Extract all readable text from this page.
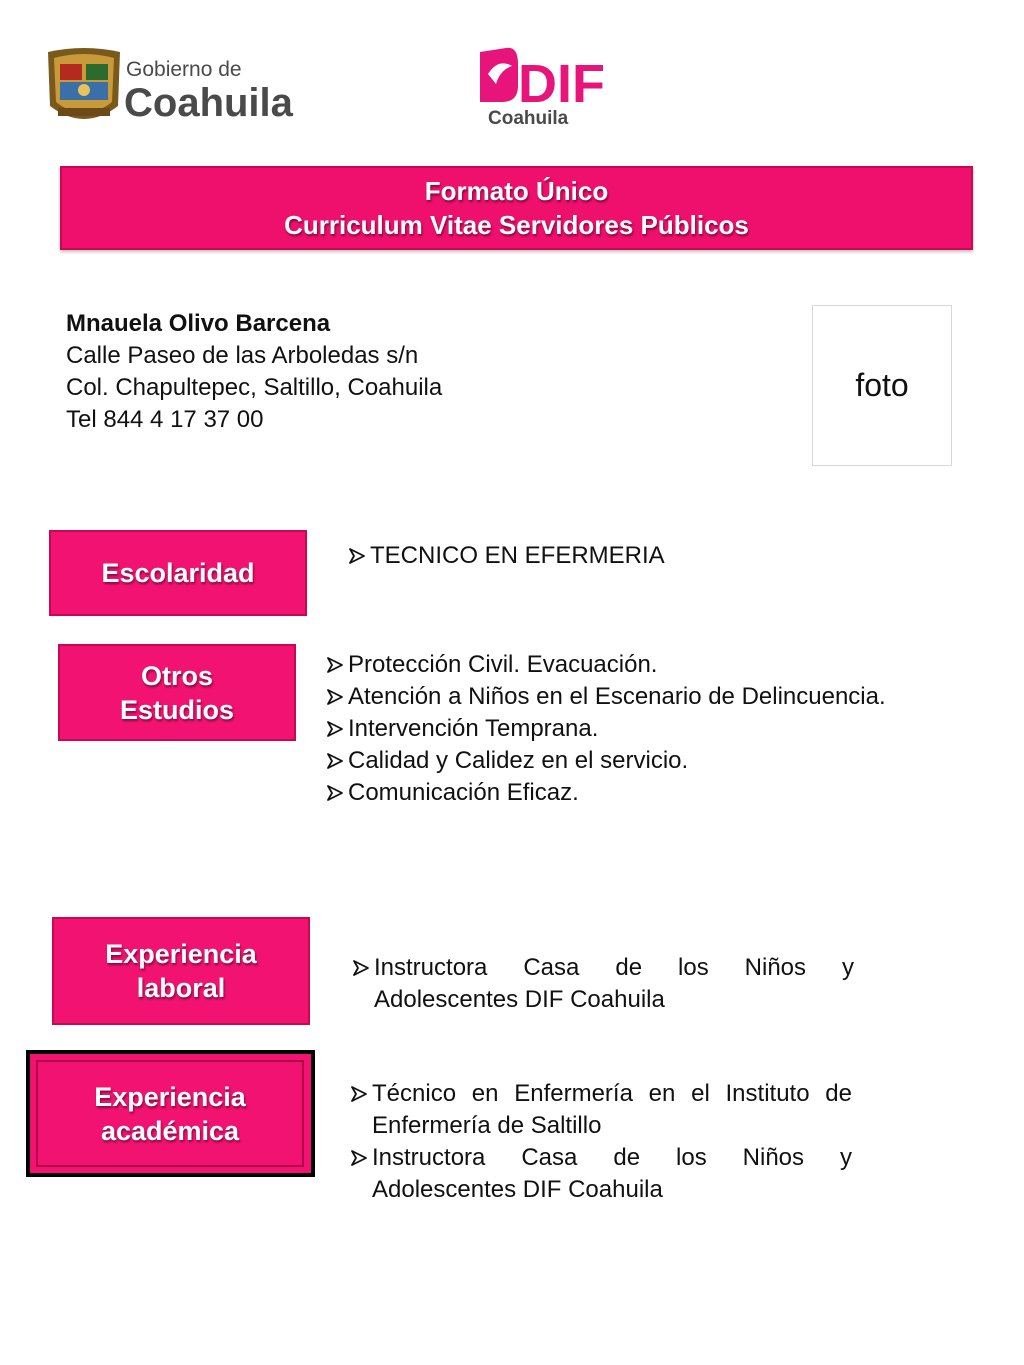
Gobierno de
Coahuila	DIF
Coahuila
Formato Único
Curriculum Vitae Servidores Públicos
Mnauela Olivo Barcena
Calle Paseo de las Arboledas s/n
Col. Chapultepec, Saltillo, Coahuila
Tel 844 4 17 37 00
foto
Escolaridad
TECNICO EN EFERMERIA
Otros
Estudios
Protección Civil. Evacuación.
Atención a Niños en el Escenario de Delincuencia.
Intervención Temprana.
Calidad y Calidez en el servicio.
Comunicación Eficaz.
Experiencia
laboral
Instructora Casa de los Niños y Adolescentes DIF Coahuila
Experiencia
académica
Técnico en Enfermería en el Instituto de Enfermería de Saltillo
Instructora Casa de los Niños y Adolescentes DIF Coahuila
